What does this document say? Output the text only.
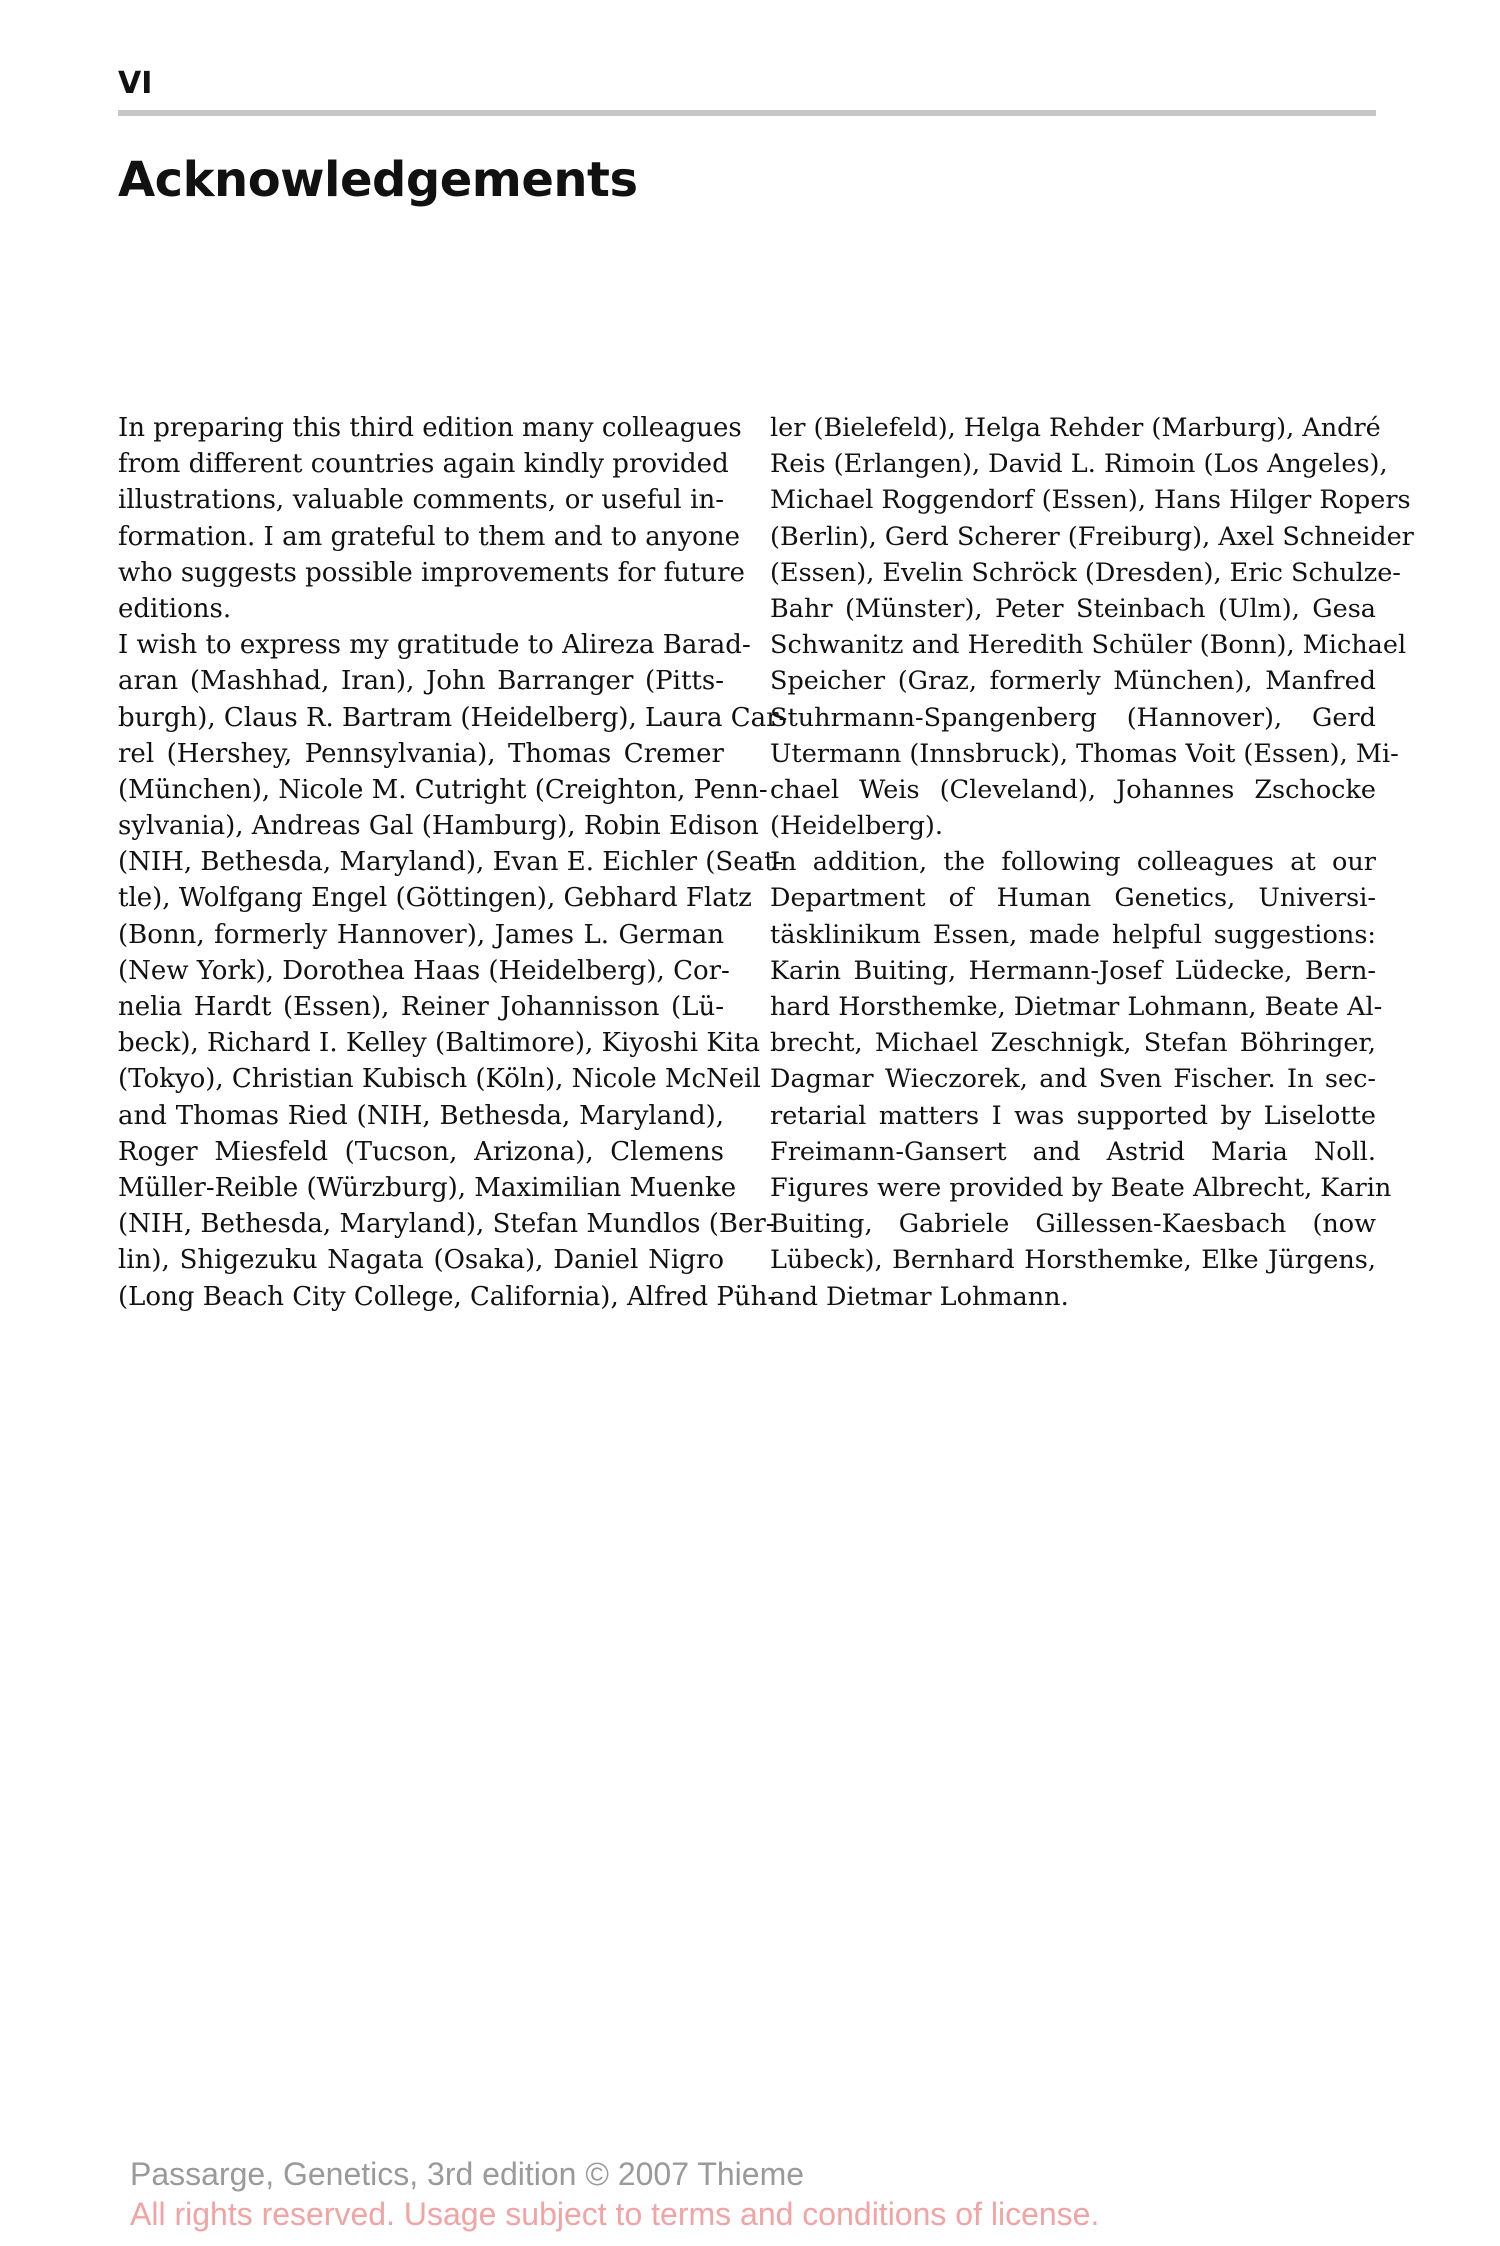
VI
Acknowledgements
In preparing this third edition many colleagues
from different countries again kindly provided
illustrations, valuable comments, or useful in-
formation. I am grateful to them and to anyone
who suggests possible improvements for future
editions.
I wish to express my gratitude to Alireza Barad-
aran (Mashhad, Iran), John Barranger (Pitts-
burgh), Claus R. Bartram (Heidelberg), Laura Car-
rel (Hershey, Pennsylvania), Thomas Cremer
(München), Nicole M. Cutright (Creighton, Penn-
sylvania), Andreas Gal (Hamburg), Robin Edison
(NIH, Bethesda, Maryland), Evan E. Eichler (Seat-
tle), Wolfgang Engel (Göttingen), Gebhard Flatz
(Bonn, formerly Hannover), James L. German
(New York), Dorothea Haas (Heidelberg), Cor-
nelia Hardt (Essen), Reiner Johannisson (Lü-
beck), Richard I. Kelley (Baltimore), Kiyoshi Kita
(Tokyo), Christian Kubisch (Köln), Nicole McNeil
and Thomas Ried (NIH, Bethesda, Maryland),
Roger Miesfeld (Tucson, Arizona), Clemens
Müller-Reible (Würzburg), Maximilian Muenke
(NIH, Bethesda, Maryland), Stefan Mundlos (Ber-
lin), Shigezuku Nagata (Osaka), Daniel Nigro
(Long Beach City College, California), Alfred Püh-
ler (Bielefeld), Helga Rehder (Marburg), André
Reis (Erlangen), David L. Rimoin (Los Angeles),
Michael Roggendorf (Essen), Hans Hilger Ropers
(Berlin), Gerd Scherer (Freiburg), Axel Schneider
(Essen), Evelin Schröck (Dresden), Eric Schulze-
Bahr (Münster), Peter Steinbach (Ulm), Gesa
Schwanitz and Heredith Schüler (Bonn), Michael
Speicher (Graz, formerly München), Manfred
Stuhrmann-Spangenberg (Hannover), Gerd
Utermann (Innsbruck), Thomas Voit (Essen), Mi-
chael Weis (Cleveland), Johannes Zschocke
(Heidelberg).
In addition, the following colleagues at our
Department of Human Genetics, Universi-
täsklinikum Essen, made helpful suggestions:
Karin Buiting, Hermann-Josef Lüdecke, Bern-
hard Horsthemke, Dietmar Lohmann, Beate Al-
brecht, Michael Zeschnigk, Stefan Böhringer,
Dagmar Wieczorek, and Sven Fischer. In sec-
retarial matters I was supported by Liselotte
Freimann-Gansert and Astrid Maria Noll.
Figures were provided by Beate Albrecht, Karin
Buiting, Gabriele Gillessen-Kaesbach (now
Lübeck), Bernhard Horsthemke, Elke Jürgens,
and Dietmar Lohmann.
Passarge, Genetics, 3rd edition © 2007 Thieme
All rights reserved. Usage subject to terms and conditions of license.
